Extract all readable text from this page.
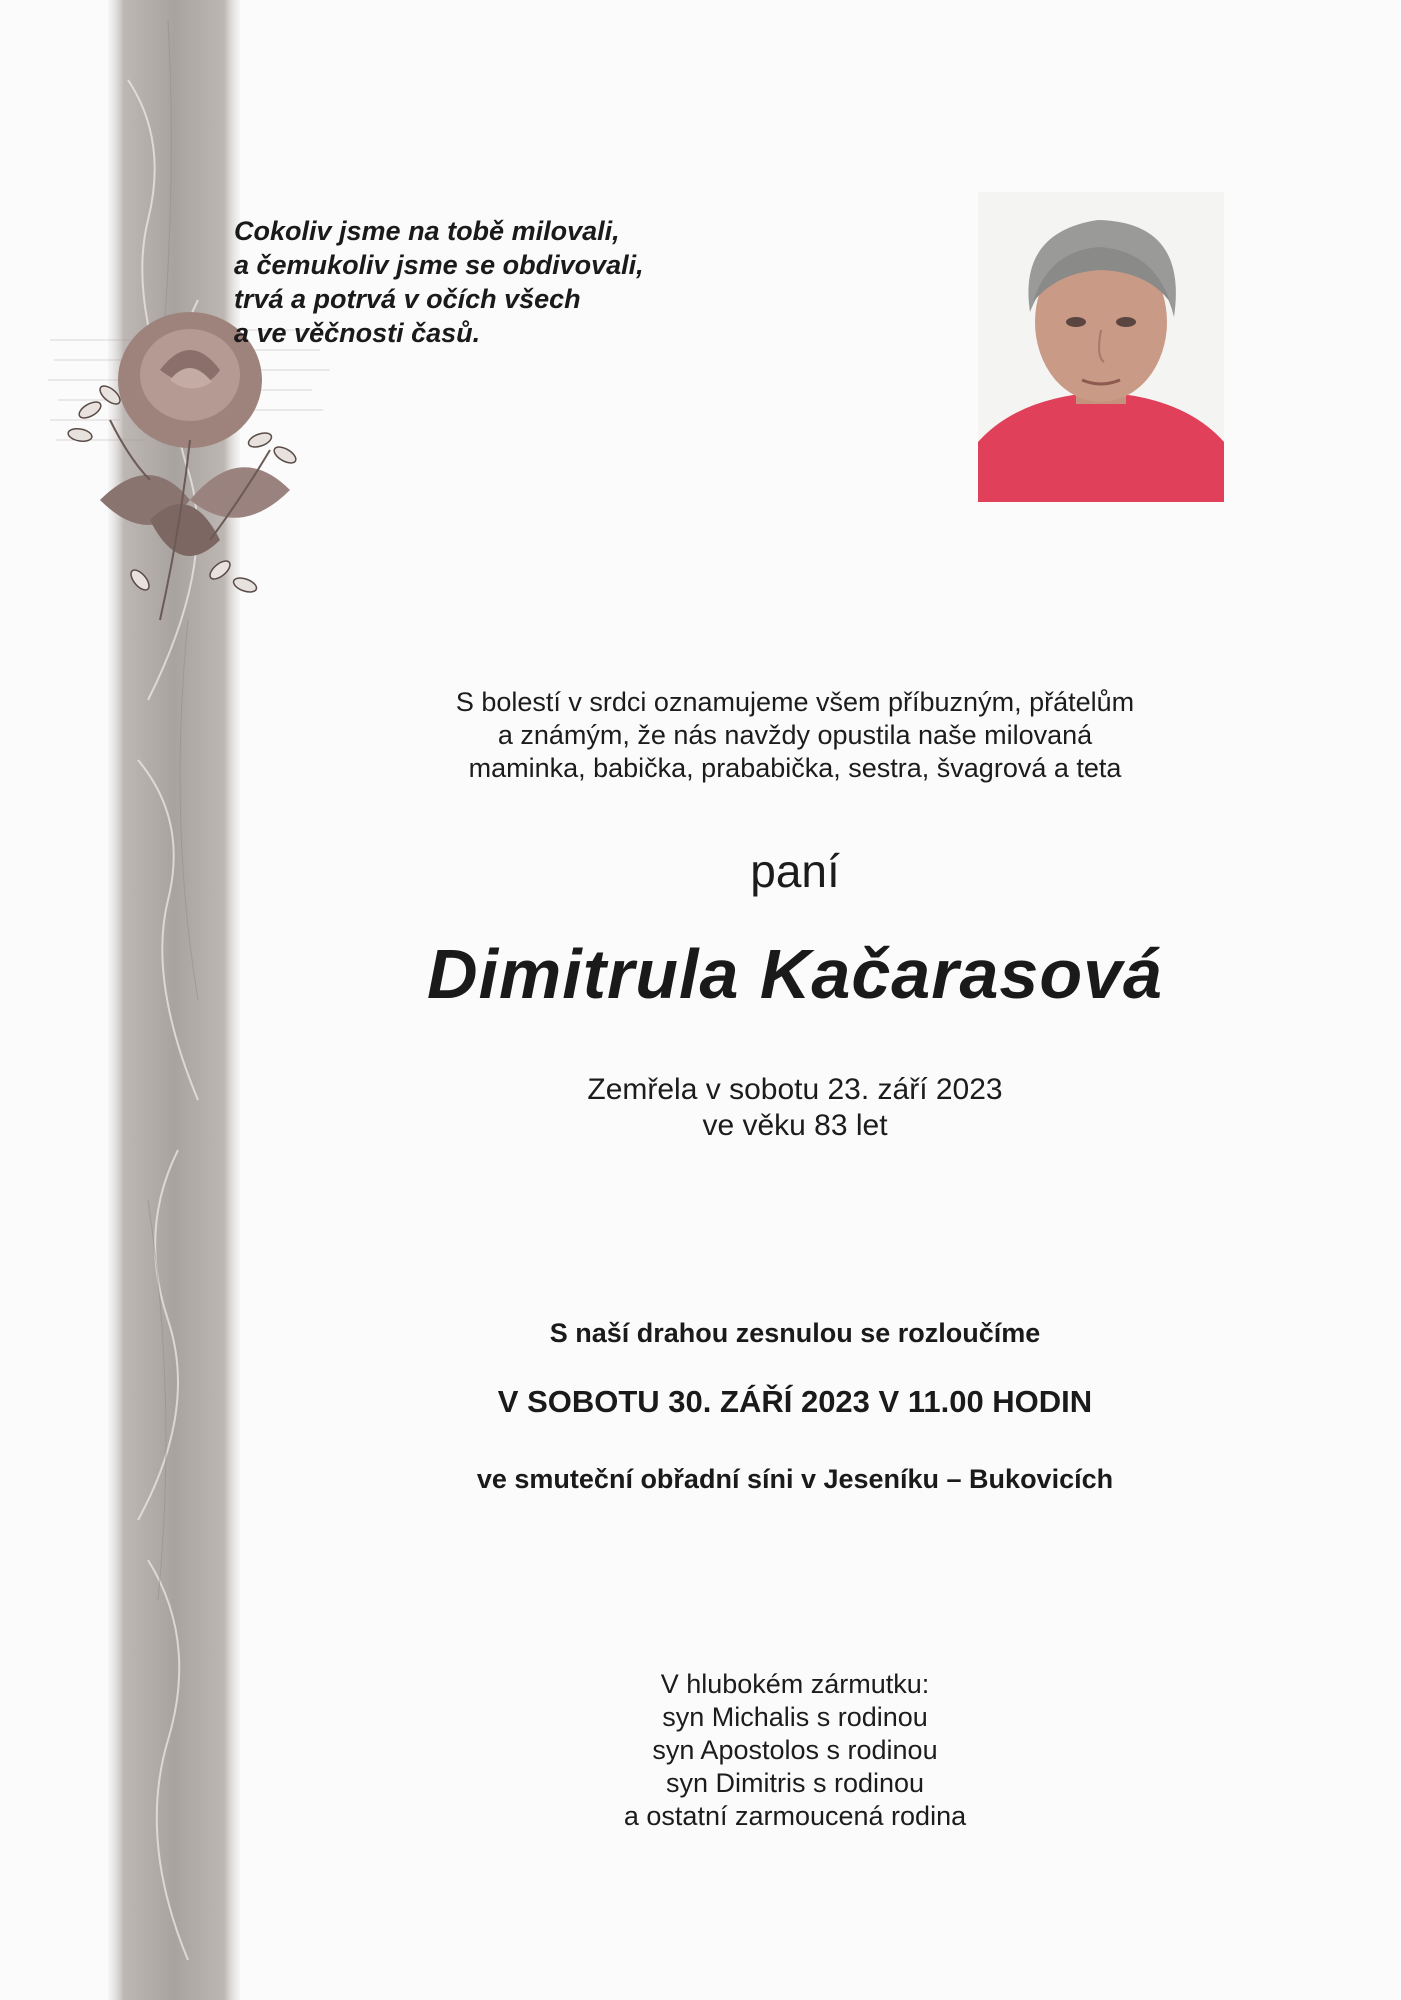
Cokoliv jsme na tobě milovali,
a čemukoliv jsme se obdivovali,
trvá a potrvá v očích všech
a ve věčnosti časů.
S bolestí v srdci oznamujeme všem příbuzným, přátelům
a známým, že nás navždy opustila naše milovaná
maminka, babička, prababička, sestra, švagrová a teta
paní
Dimitrula Kačarasová
Zemřela v sobotu 23. září 2023
ve věku 83 let
S naší drahou zesnulou se rozloučíme
V SOBOTU 30. ZÁŘÍ 2023 V 11.00 HODIN
ve smuteční obřadní síni v Jeseníku – Bukovicích
V hlubokém zármutku:
syn Michalis s rodinou
syn Apostolos s rodinou
syn Dimitris s rodinou
a ostatní zarmoucená rodina
